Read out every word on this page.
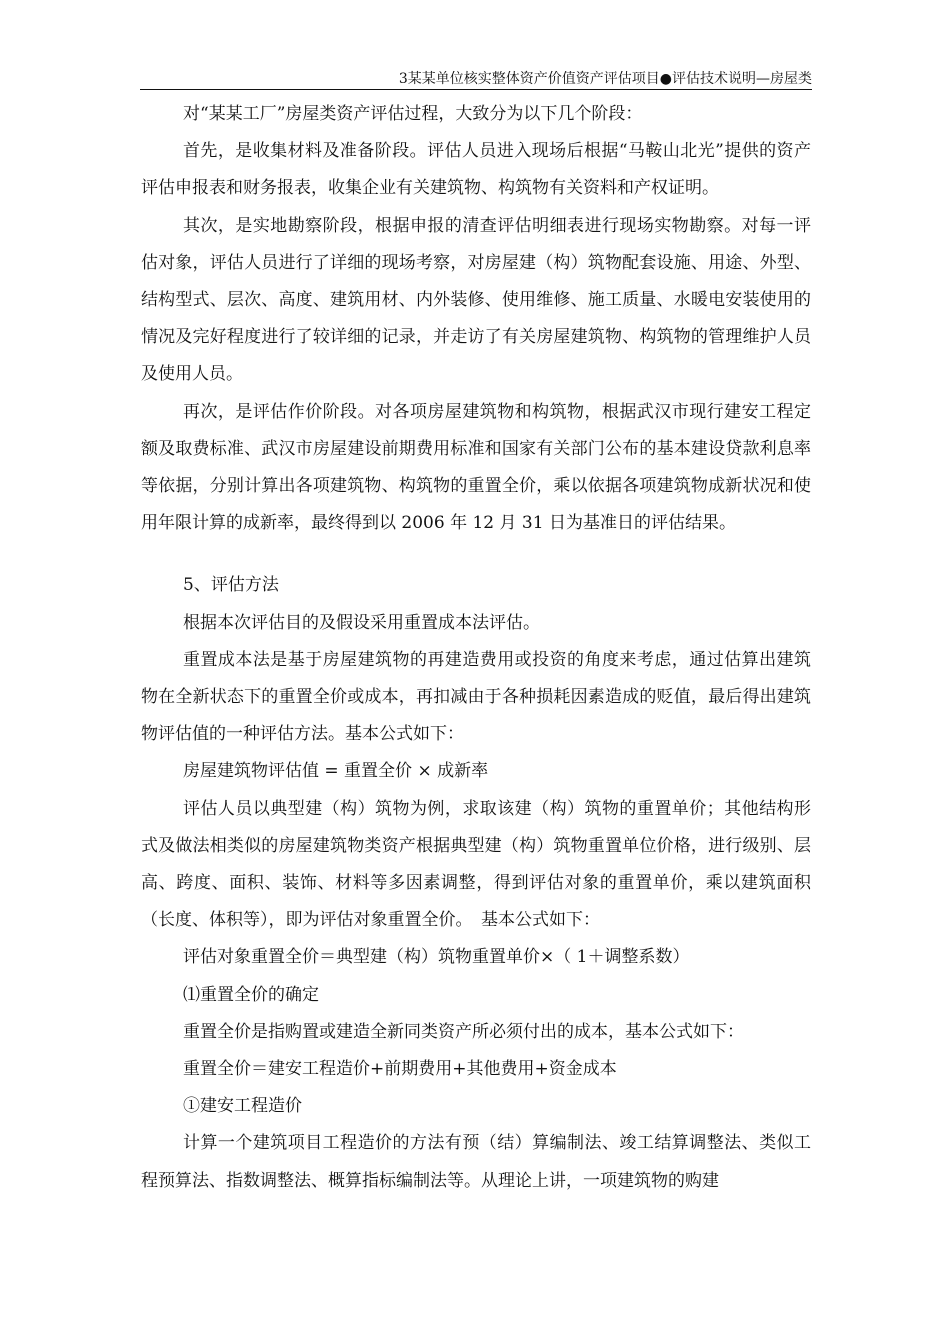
3某某单位核实整体资产价值资产评估项目●评估技术说明—房屋类

对“某某工厂”房屋类资产评估过程，大致分为以下几个阶段：

首先，是收集材料及准备阶段。评估人员进入现场后根据“马鞍山北光”提供的资产评估申报表和财务报表，收集企业有关建筑物、构筑物有关资料和产权证明。

其次，是实地勘察阶段，根据申报的清查评估明细表进行现场实物勘察。对每一评估对象，评估人员进行了详细的现场考察，对房屋建（构）筑物配套设施、用途、外型、结构型式、层次、高度、建筑用材、内外装修、使用维修、施工质量、水暖电安装使用的情况及完好程度进行了较详细的记录，并走访了有关房屋建筑物、构筑物的管理维护人员及使用人员。

再次，是评估作价阶段。对各项房屋建筑物和构筑物，根据武汉市现行建安工程定额及取费标准、武汉市房屋建设前期费用标准和国家有关部门公布的基本建设贷款利息率等依据，分别计算出各项建筑物、构筑物的重置全价，乘以依据各项建筑物成新状况和使用年限计算的成新率，最终得到以 2006 年 12 月 31 日为基准日的评估结果。

5、评估方法

根据本次评估目的及假设采用重置成本法评估。

重置成本法是基于房屋建筑物的再建造费用或投资的角度来考虑，通过估算出建筑物在全新状态下的重置全价或成本，再扣减由于各种损耗因素造成的贬值，最后得出建筑物评估值的一种评估方法。基本公式如下：

房屋建筑物评估值 = 重置全价 × 成新率

评估人员以典型建（构）筑物为例，求取该建（构）筑物的重置单价；其他结构形式及做法相类似的房屋建筑物类资产根据典型建（构）筑物重置单位价格，进行级别、层高、跨度、面积、装饰、材料等多因素调整，得到评估对象的重置单价，乘以建筑面积（长度、体积等），即为评估对象重置全价。　基本公式如下：

评估对象重置全价＝典型建（构）筑物重置单价×（ 1＋调整系数）

⑴重置全价的确定

重置全价是指购置或建造全新同类资产所必须付出的成本，基本公式如下：

重置全价＝建安工程造价+前期费用+其他费用+资金成本

①建安工程造价

计算一个建筑项目工程造价的方法有预（结）算编制法、竣工结算调整法、类似工程预算法、指数调整法、概算指标编制法等。从理论上讲，一项建筑物的购建
